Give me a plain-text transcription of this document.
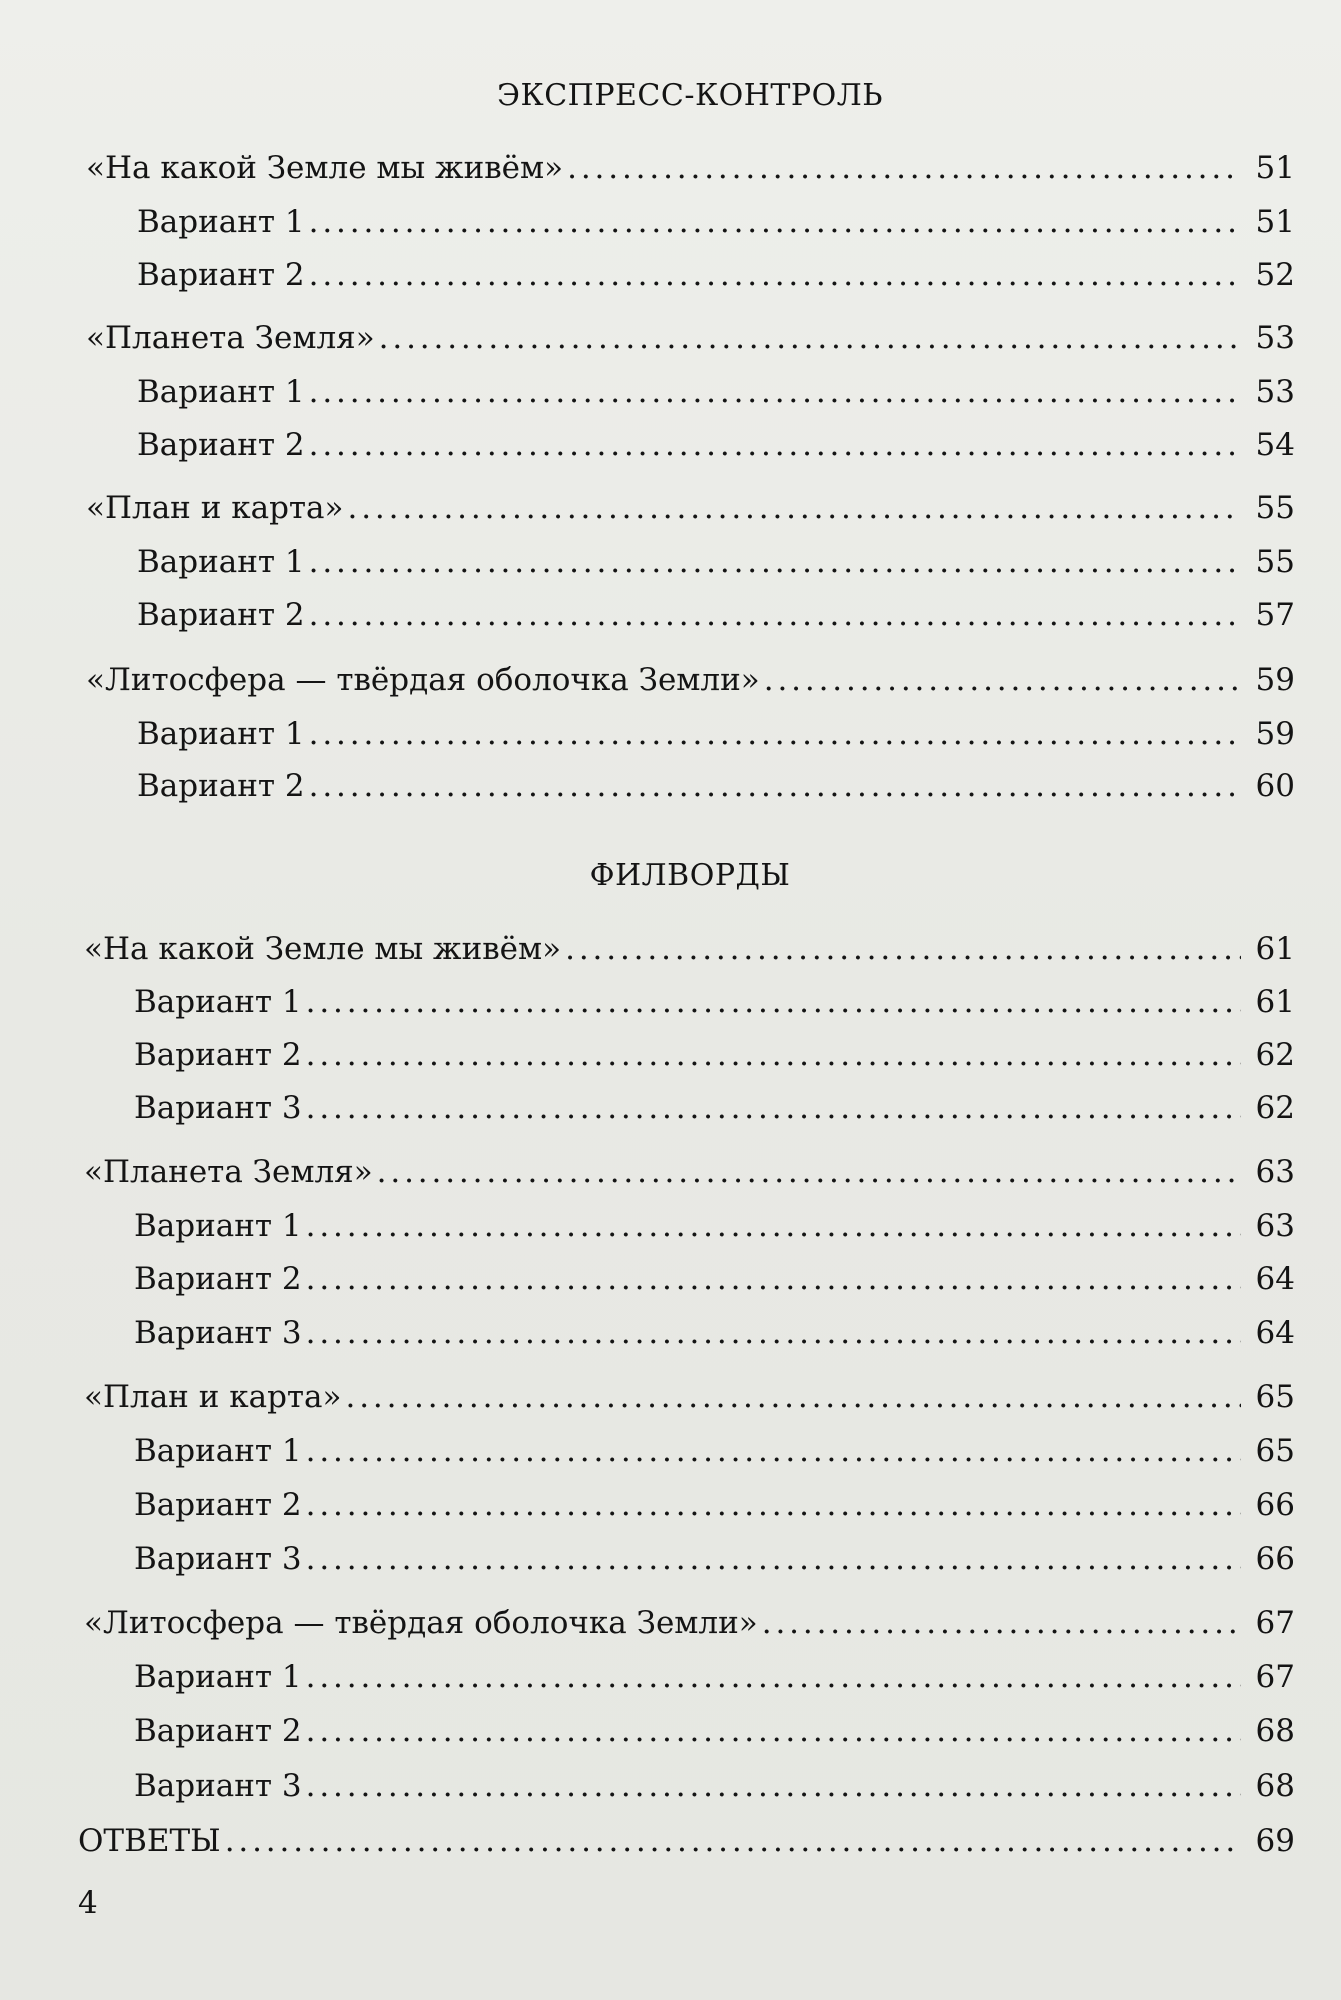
ЭКСПРЕСС-КОНТРОЛЬ
«На какой Земле мы живём» . . .	51
Вариант 1 . . .	51
Вариант 2 . . .	52
«Планета Земля» . . .	53
Вариант 1 . . .	53
Вариант 2 . . .	54
«План и карта» . . .	55
Вариант 1 . . .	55
Вариант 2 . . .	57
«Литосфера — твёрдая оболочка Земли» . . .	59
Вариант 1 . . .	59
Вариант 2 . . .	60
ФИЛВОРДЫ
«На какой Земле мы живём» . . .	61
Вариант 1 . . .	61
Вариант 2 . . .	62
Вариант 3 . . .	62
«Планета Земля» . . .	63
Вариант 1 . . .	63
Вариант 2 . . .	64
Вариант 3 . . .	64
«План и карта» . . .	65
Вариант 1 . . .	65
Вариант 2 . . .	66
Вариант 3 . . .	66
«Литосфера — твёрдая оболочка Земли» . . .	67
Вариант 1 . . .	67
Вариант 2 . . .	68
Вариант 3 . . .	68
ОТВЕТЫ . . .	69
4
